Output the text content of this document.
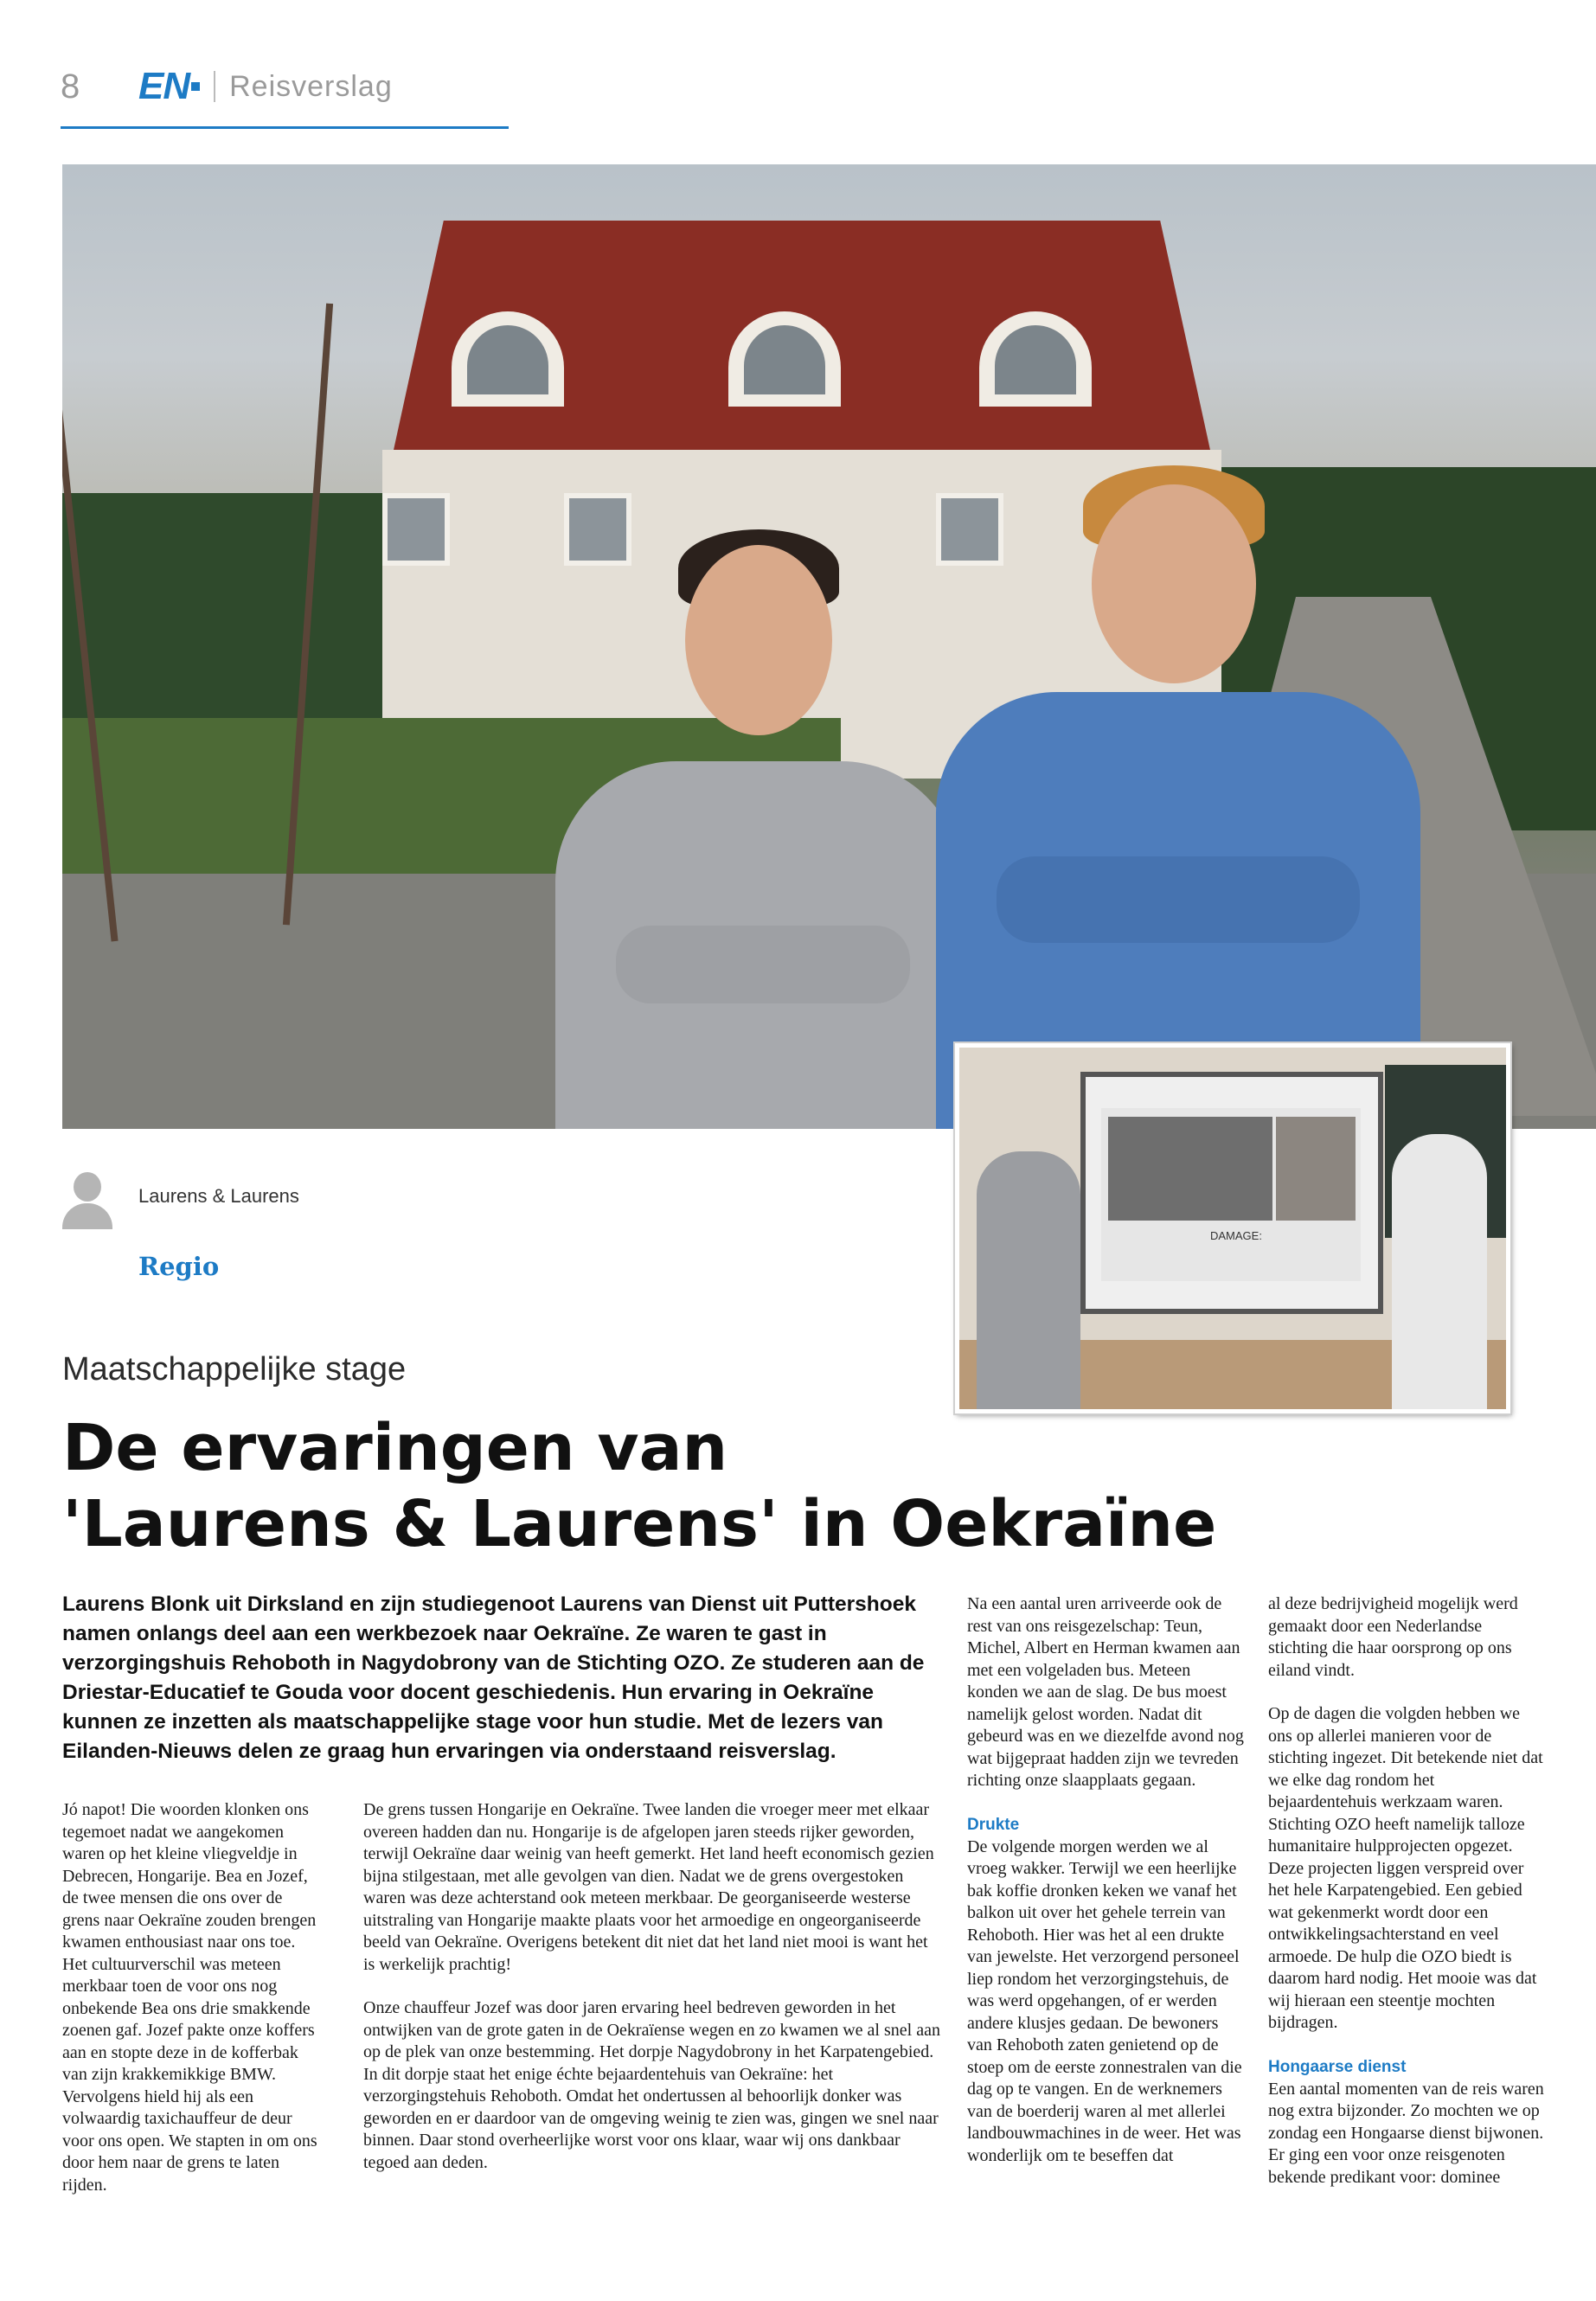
8	EN Reisverslag
DAMAGE:
Laurens & Laurens
Regio
Maatschappelijke stage
De ervaringen van
'Laurens & Laurens' in Oekraïne
Laurens Blonk uit Dirksland en zijn studiegenoot Laurens van Dienst uit Puttershoek namen onlangs deel aan een werkbezoek naar Oekraïne. Ze waren te gast in verzorgingshuis Rehoboth in Nagydobrony van de Stichting OZO. Ze studeren aan de Driestar-Educatief te Gouda voor docent geschiedenis. Hun ervaring in Oekraïne kunnen ze inzetten als maatschappelijke stage voor hun studie. Met de lezers van Eilanden-Nieuws delen ze graag hun ervaringen via onderstaand reisverslag.

Jó napot! Die woorden klonken ons tegemoet nadat we aangekomen waren op het kleine vliegveldje in Debrecen, Hongarije. Bea en Jozef, de twee mensen die ons over de grens naar Oekraïne zouden brengen kwamen enthousiast naar ons toe. Het cultuurverschil was meteen merkbaar toen de voor ons nog onbekende Bea ons drie smakkende zoenen gaf. Jozef pakte onze koffers aan en stopte deze in de kofferbak van zijn krakkemikkige BMW. Vervolgens hield hij als een volwaardig taxichauffeur de deur voor ons open. We stapten in om ons door hem naar de grens te laten rijden.

De grens tussen Hongarije en Oekraïne. Twee landen die vroeger meer met elkaar overeen hadden dan nu. Hongarije is de afgelopen jaren steeds rijker geworden, terwijl Oekraïne daar weinig van heeft gemerkt. Het land heeft economisch gezien bijna stilgestaan, met alle gevolgen van dien. Nadat we de grens overgestoken waren was deze achterstand ook meteen merkbaar. De georganiseerde westerse uitstraling van Hongarije maakte plaats voor het armoedige en ongeorganiseerde beeld van Oekraïne. Overigens betekent dit niet dat het land niet mooi is want het is werkelijk prachtig!

Onze chauffeur Jozef was door jaren ervaring heel bedreven geworden in het ontwijken van de grote gaten in de Oekraïense wegen en zo kwamen we al snel aan op de plek van onze bestemming. Het dorpje Nagydobrony in het Karpatengebied. In dit dorpje staat het enige échte bejaardentehuis van Oekraïne: het verzorgingstehuis Rehoboth. Omdat het ondertussen al behoorlijk donker was geworden en er daardoor van de omgeving weinig te zien was, gingen we snel naar binnen. Daar stond overheerlijke worst voor ons klaar, waar wij ons dankbaar tegoed aan deden.

Na een aantal uren arriveerde ook de rest van ons reisgezelschap: Teun, Michel, Albert en Herman kwamen aan met een volgeladen bus. Meteen konden we aan de slag. De bus moest namelijk gelost worden. Nadat dit gebeurd was en we diezelfde avond nog wat bijgepraat hadden zijn we tevreden richting onze slaapplaats gegaan.

Drukte

De volgende morgen werden we al vroeg wakker. Terwijl we een heerlijke bak koffie dronken keken we vanaf het balkon uit over het gehele terrein van Rehoboth. Hier was het al een drukte van jewelste. Het verzorgend personeel liep rondom het verzorgingstehuis, de was werd opgehangen, of er werden andere klusjes gedaan. De bewoners van Rehoboth zaten genietend op de stoep om de eerste zonnestralen van die dag op te vangen. En de werknemers van de boerderij waren al met allerlei landbouwmachines in de weer. Het was wonderlijk om te beseffen dat

al deze bedrijvigheid mogelijk werd gemaakt door een Nederlandse stichting die haar oorsprong op ons eiland vindt.

Op de dagen die volgden hebben we ons op allerlei manieren voor de stichting ingezet. Dit betekende niet dat we elke dag rondom het bejaardentehuis werkzaam waren. Stichting OZO heeft namelijk talloze humanitaire hulpprojecten opgezet. Deze projecten liggen verspreid over het hele Karpatengebied. Een gebied wat gekenmerkt wordt door een ontwikkelingsachterstand en veel armoede. De hulp die OZO biedt is daarom hard nodig. Het mooie was dat wij hieraan een steentje mochten bijdragen.

Hongaarse dienst

Een aantal momenten van de reis waren nog extra bijzonder. Zo mochten we op zondag een Hongaarse dienst bijwonen. Er ging een voor onze reisgenoten bekende predikant voor: dominee
